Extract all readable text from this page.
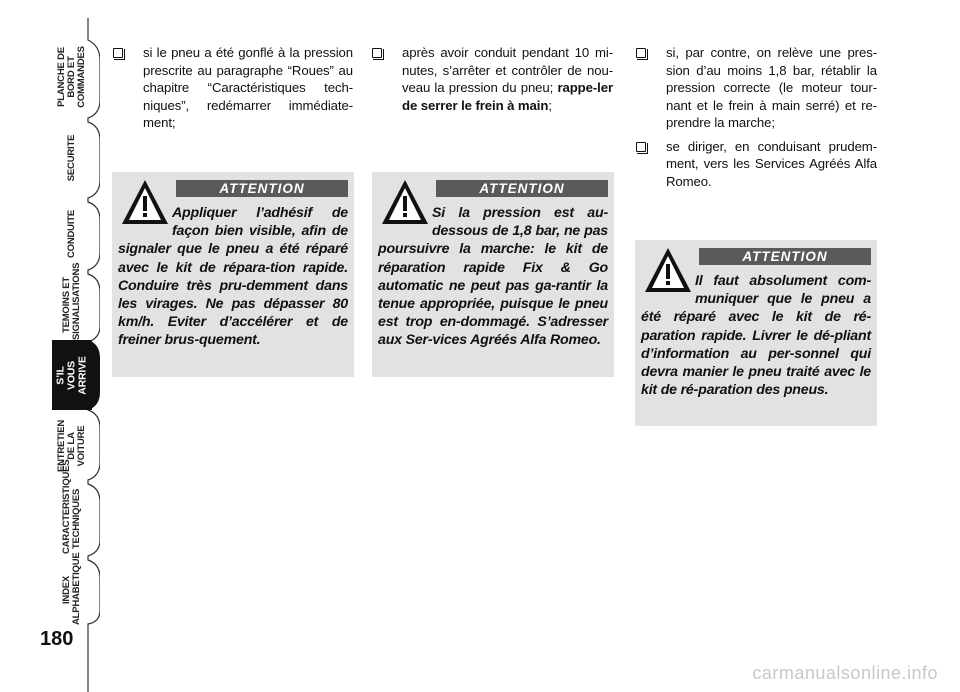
PLANCHE DE
BORD ET
COMMANDES
SECURITE
CONDUITE
TEMOINS ET
SIGNALISATIONS
S’IL VOUS
ARRIVE
ENTRETIEN
DE LA VOITURE
CARACTERISTIQUES
TECHNIQUES
INDEX
ALPHABETIQUE
180
si le pneu a été gonflé à la pression prescrite au paragraphe “Roues” au chapitre “Caractéristiques tech-niques”, redémarrer immédiate-ment;
ATTENTION
Appliquer l’adhésif de façon bien visible, afin de signaler que le pneu a été réparé avec le kit de répara-tion rapide. Conduire très pru-demment dans les virages. Ne pas dépasser 80 km/h. Eviter d’accélérer et de freiner brus-quement.
après avoir conduit pendant 10 mi-nutes, s’arrêter et contrôler de nou-veau la pression du pneu; rappe-ler de serrer le frein à main;
ATTENTION
Si la pression est au-dessous de 1,8 bar, ne pas poursuivre la marche: le kit de réparation rapide Fix & Go automatic ne peut pas ga-rantir la tenue appropriée, puisque le pneu est trop en-dommagé. S’adresser aux Ser-vices Agréés Alfa Romeo.
si, par contre, on relève une pres-sion d’au moins 1,8 bar, rétablir la pression correcte (le moteur tour-nant et le frein à main serré) et re-prendre la marche;
se diriger, en conduisant prudem-ment, vers les Services Agréés Alfa Romeo.
ATTENTION
Il faut absolument com-muniquer que le pneu a été réparé avec le kit de ré-paration rapide. Livrer le dé-pliant d’information au per-sonnel qui devra manier le pneu traité avec le kit de ré-paration des pneus.
carmanualsonline.info
